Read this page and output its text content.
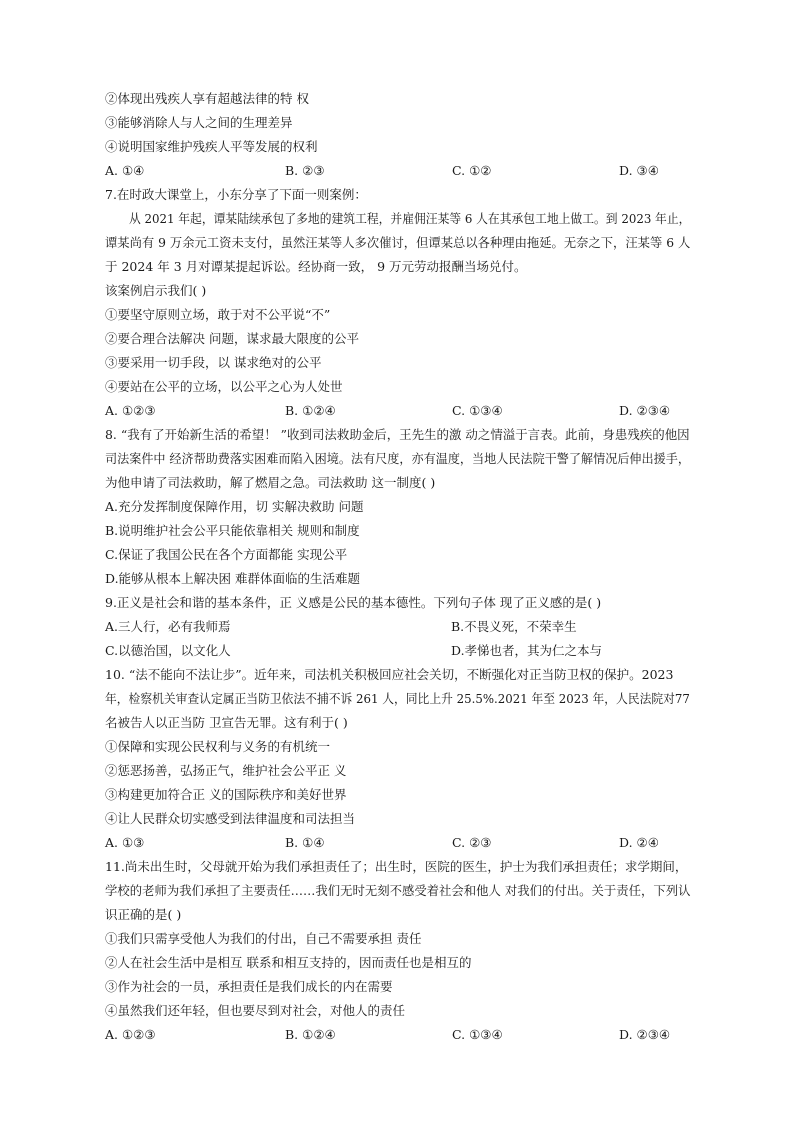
②体现出残疾人享有超越法律的特 权
③能够消除人与人之间的生理差异
④说明国家维护残疾人平等发展的权利
A. ①④	B. ②③	C. ①②	D. ③④
7.在时政大课堂上，小东分享了下面一则案例：
从 2021 年起，谭某陆续承包了多地的建筑工程，并雇佣汪某等 6 人在其承包工地上做工。到 2023 年止，
谭某尚有 9 万余元工资未支付，虽然汪某等人多次催讨，但谭某总以各种理由拖延。无奈之下，汪某等 6 人
于 2024 年 3 月对谭某提起诉讼。经协商一致， 9 万元劳动报酬当场兑付。
该案例启示我们( )
①要坚守原则立场，敢于对不公平说“不”
②要合理合法解决 问题，谋求最大限度的公平
③要采用一切手段，以 谋求绝对的公平
④要站在公平的立场，以公平之心为人处世
A. ①②③	B. ①②④	C. ①③④	D. ②③④
8. “我有了开始新生活的希望！ ”收到司法救助金后，王先生的激 动之情溢于言表。此前，身患残疾的他因
司法案件中 经济帮助费落实困难而陷入困境。法有尺度，亦有温度，当地人民法院干警了解情况后伸出援手，
为他申请了司法救助，解了燃眉之急。司法救助 这一制度( )
A.充分发挥制度保障作用，切 实解决救助 问题
B.说明维护社会公平只能依靠相关 规则和制度
C.保证了我国公民在各个方面都能 实现公平
D.能够从根本上解决困 难群体面临的生活难题
9.正义是社会和谐的基本条件，正 义感是公民的基本德性。下列句子体 现了正义感的是( )
A.三人行，必有我师焉	B.不畏义死，不荣幸生
C.以德治国，以文化人	D.孝悌也者，其为仁之本与
10. “法不能向不法让步”。近年来，司法机关积极回应社会关切，不断强化对正当防卫权的保护。2023
年，检察机关审查认定属正当防卫依法不捕不诉 261 人，同比上升 25.5%.2021 年至 2023 年，人民法院对77
名被告人以正当防 卫宣告无罪。这有利于( )
①保障和实现公民权利与义务的有机统一
②惩恶扬善，弘扬正气，维护社会公平正 义
③构建更加符合正 义的国际秩序和美好世界
④让人民群众切实感受到法律温度和司法担当
A. ①③	B. ①④	C. ②③	D. ②④
11.尚未出生时，父母就开始为我们承担责任了；出生时，医院的医生，护士为我们承担责任；求学期间，
学校的老师为我们承担了主要责任……我们无时无刻不感受着社会和他人 对我们的付出。关于责任，下列认
识正确的是( )
①我们只需享受他人为我们的付出，自己不需要承担 责任
②人在社会生活中是相互 联系和相互支持的，因而责任也是相互的
③作为社会的一员，承担责任是我们成长的内在需要
④虽然我们还年轻，但也要尽到对社会，对他人的责任
A. ①②③	B. ①②④	C. ①③④	D. ②③④
